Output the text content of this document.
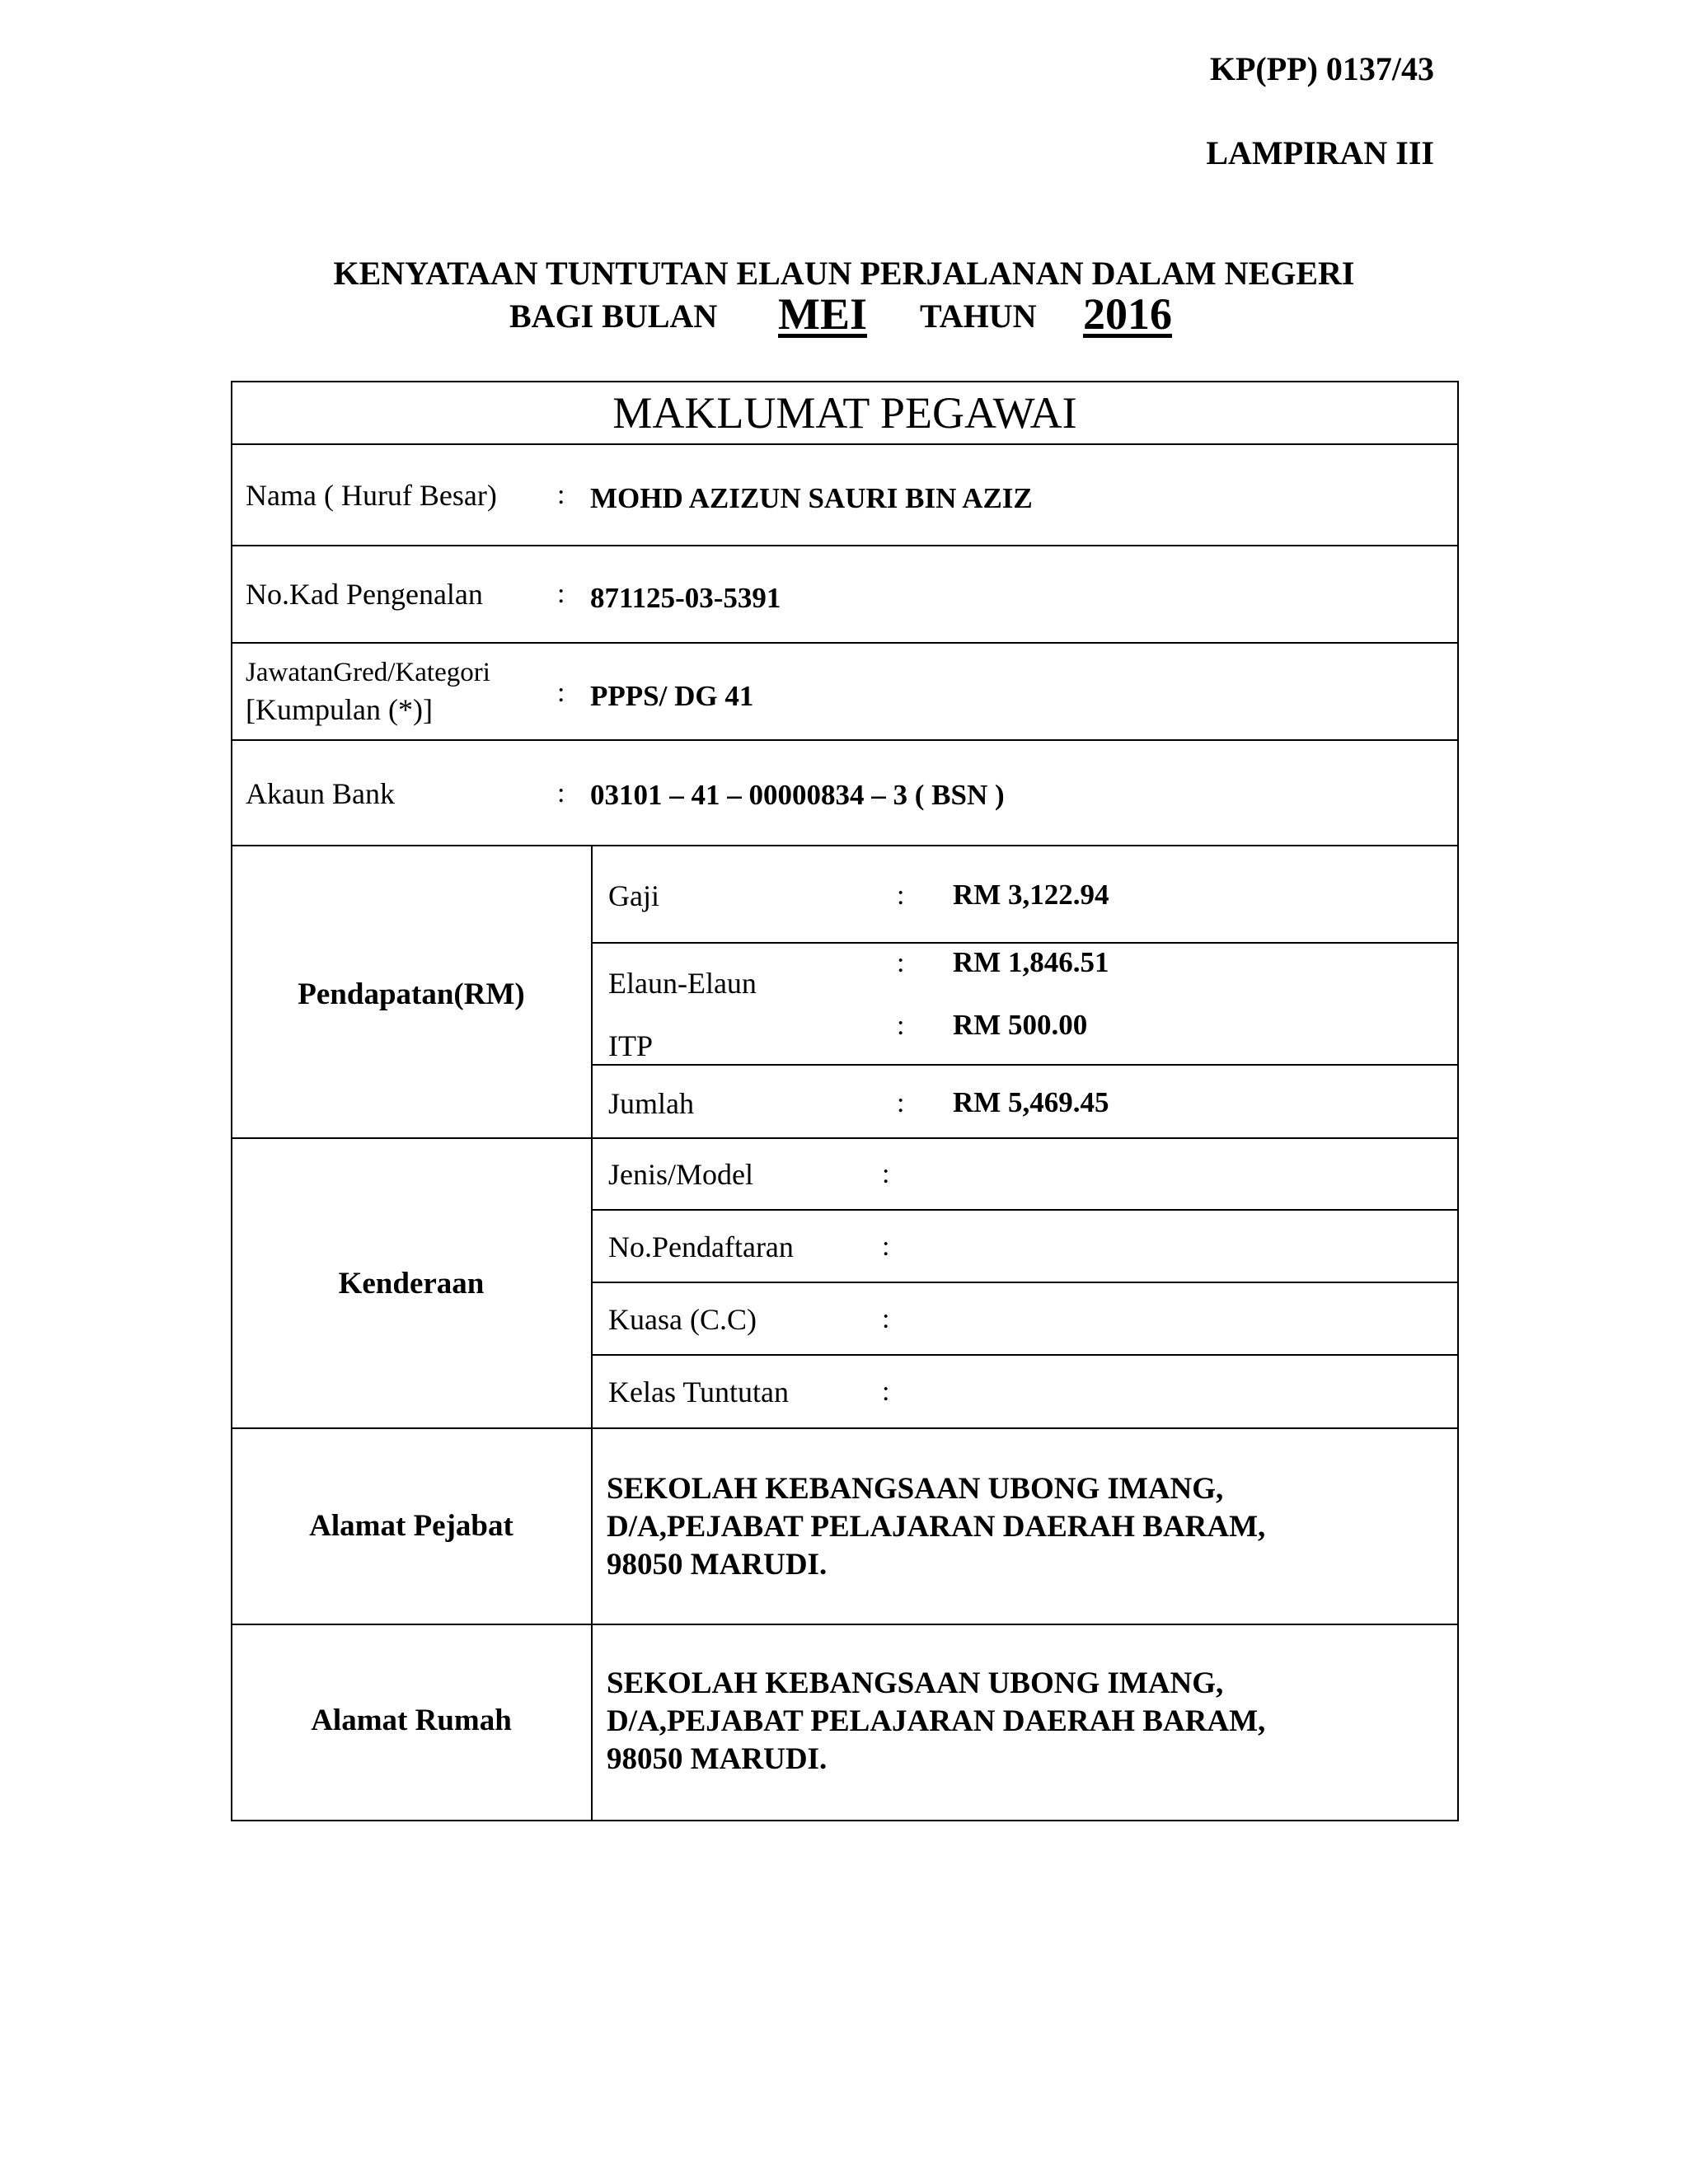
KP(PP) 0137/43
LAMPIRAN III
KENYATAAN TUNTUTAN ELAUN PERJALANAN DALAM NEGERI
BAGI BULAN MEI TAHUN 2016
MAKLUMAT PEGAWAI
Nama ( Huruf Besar) : MOHD AZIZUN SAURI BIN AZIZ
No.Kad Pengenalan	: 871125-03-5391
JawatanGred/Kategori
[Kumpulan (*)]
: PPPS/ DG 41
Akaun Bank	: 03101 – 41 – 00000834 – 3 ( BSN )
Pendapatan(RM)
Gaji	: RM 3,122.94
Elaun-Elaun
: RM 1,846.51
ITP
: RM 500.00
Jumlah	: RM 5,469.45
Kenderaan
Jenis/Model	:
No.Pendaftaran	:
Kuasa (C.C)	:
Kelas Tuntutan	:
Alamat Pejabat
SEKOLAH KEBANGSAAN UBONG IMANG,
D/A,PEJABAT PELAJARAN DAERAH BARAM,
98050 MARUDI.
Alamat Rumah
SEKOLAH KEBANGSAAN UBONG IMANG,
D/A,PEJABAT PELAJARAN DAERAH BARAM,
98050 MARUDI.
